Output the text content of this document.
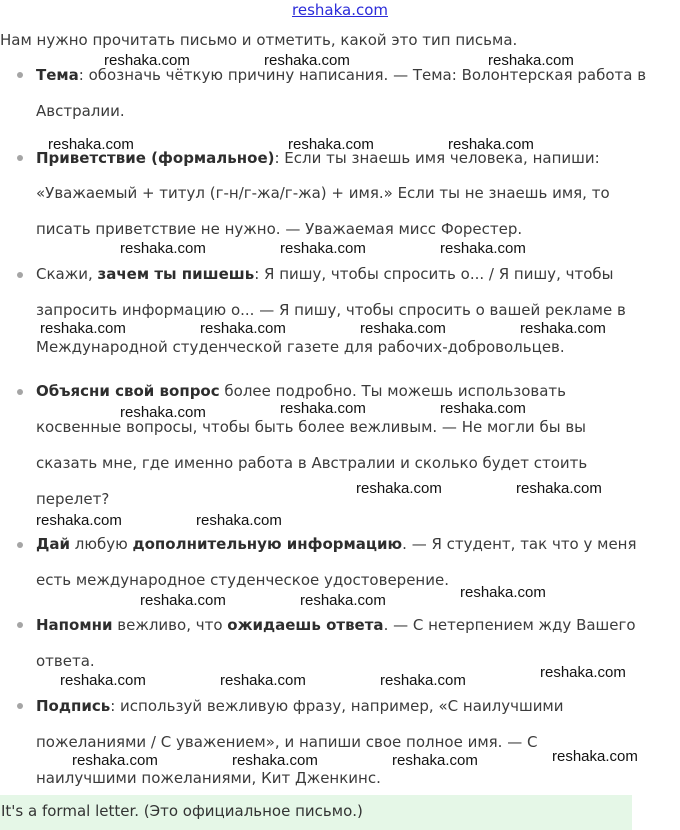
reshaka.com
Нам нужно прочитать письмо и отметить, какой это тип письма.
Тема: обозначь чёткую причину написания. — Тема: Волонтерская работа в
Австралии.
Приветствие (формальное): Если ты знаешь имя человека, напиши:
«Уважаемый + титул (г-н/г-жа/г-жа) + имя.» Если ты не знаешь имя, то
писать приветствие не нужно. — Уважаемая мисс Форестер.
Скажи, зачем ты пишешь: Я пишу, чтобы спросить о... / Я пишу, чтобы
запросить информацию о... — Я пишу, чтобы спросить о вашей рекламе в
Международной студенческой газете для рабочих-добровольцев.
Объясни свой вопрос более подробно. Ты можешь использовать
косвенные вопросы, чтобы быть более вежливым. — Не могли бы вы
сказать мне, где именно работа в Австралии и сколько будет стоить
перелет?
Дай любую дополнительную информацию. — Я студент, так что у меня
есть международное студенческое удостоверение.
Напомни вежливо, что ожидаешь ответа. — С нетерпением жду Вашего
ответа.
Подпись: используй вежливую фразу, например, «С наилучшими
пожеланиями / С уважением», и напиши свое полное имя. — С
наилучшими пожеланиями, Кит Дженкинс.
It's a formal letter. (Это официальное письмо.)
reshaka.com	reshaka.com	reshaka.com
reshaka.com	reshaka.com	reshaka.com
reshaka.com	reshaka.com	reshaka.com
reshaka.com	reshaka.com	reshaka.com	reshaka.com
reshaka.com	reshaka.com	reshaka.com
reshaka.com	reshaka.com
reshaka.com	reshaka.com
reshaka.com	reshaka.com	reshaka.com
reshaka.com
reshaka.com	reshaka.com	reshaka.com
reshaka.com
reshaka.com	reshaka.com	reshaka.com
